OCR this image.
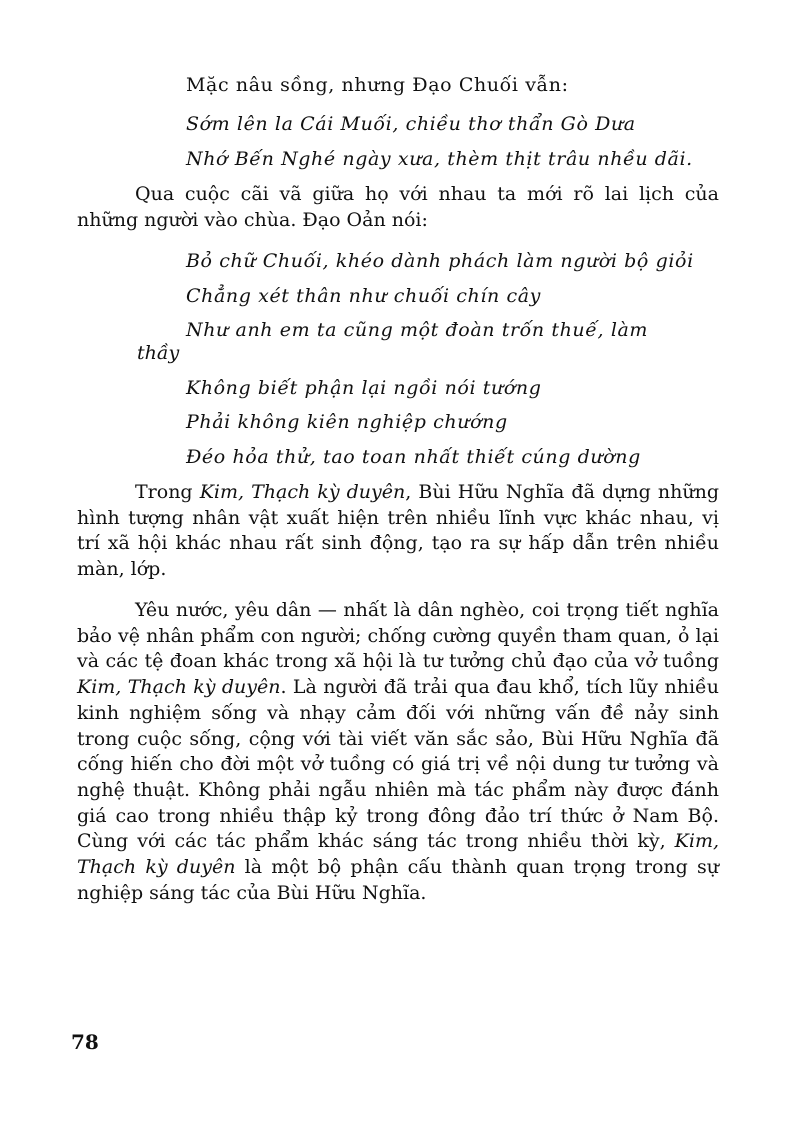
Mặc nâu sồng, nhưng Đạo Chuối vẫn:

Sớm lên la Cái Muối, chiều thơ thẩn Gò Dưa

Nhớ Bến Nghé ngày xưa, thèm thịt trâu nhều dãi.

Qua cuộc cãi vã giữa họ với nhau ta mới rõ lai lịch của những người vào chùa. Đạo Oản nói:

Bỏ chữ Chuối, khéo dành phách làm người bộ giỏi

Chẳng xét thân như chuối chín cây

Như anh em ta cũng một đoàn trốn thuế, làm

thầy

Không biết phận lại ngồi nói tướng

Phải không kiên nghiệp chướng

Đéo hỏa thử, tao toan nhất thiết cúng dường

Trong Kim, Thạch kỳ duyên, Bùi Hữu Nghĩa đã dựng những hình tượng nhân vật xuất hiện trên nhiều lĩnh vực khác nhau, vị trí xã hội khác nhau rất sinh động, tạo ra sự hấp dẫn trên nhiều màn, lớp.

Yêu nước, yêu dân — nhất là dân nghèo, coi trọng tiết nghĩa bảo vệ nhân phẩm con người; chống cường quyền tham quan, ỏ lại và các tệ đoan khác trong xã hội là tư tưởng chủ đạo của vở tuồng Kim, Thạch kỳ duyên. Là người đã trải qua đau khổ, tích lũy nhiều kinh nghiệm sống và nhạy cảm đối với những vấn đề nảy sinh trong cuộc sống, cộng với tài viết văn sắc sảo, Bùi Hữu Nghĩa đã cống hiến cho đời một vở tuồng có giá trị về nội dung tư tưởng và nghệ thuật. Không phải ngẫu nhiên mà tác phẩm này được đánh giá cao trong nhiều thập kỷ trong đông đảo trí thức ở Nam Bộ. Cùng với các tác phẩm khác sáng tác trong nhiều thời kỳ, Kim, Thạch kỳ duyên là một bộ phận cấu thành quan trọng trong sự nghiệp sáng tác của Bùi Hữu Nghĩa.

78
